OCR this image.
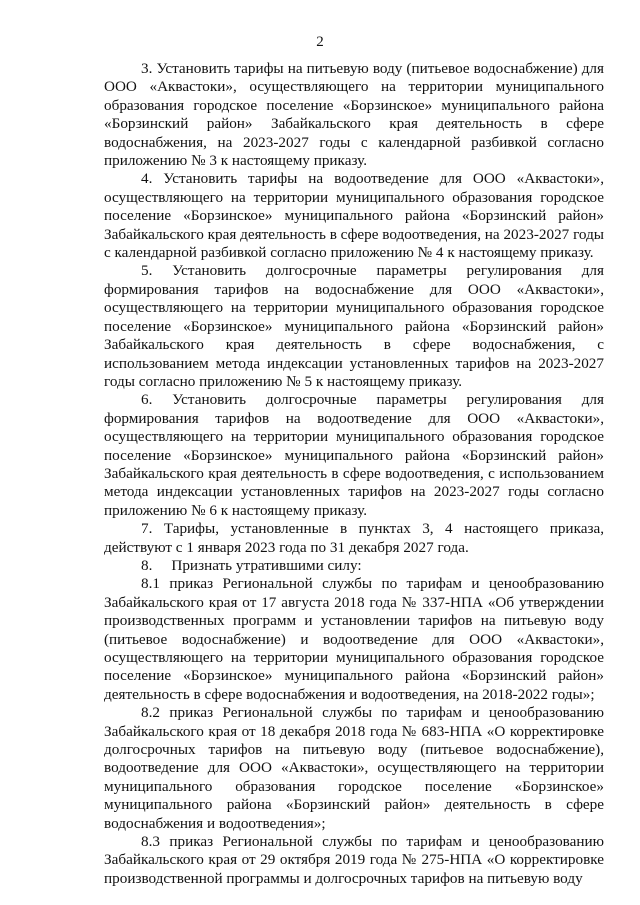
2

3. Установить тарифы на питьевую воду (питьевое водоснабжение) для ООО «Аквастоки», осуществляющего на территории муниципального образования городское поселение «Борзинское» муниципального района «Борзинский район» Забайкальского края деятельность в сфере водоснабжения, на 2023-2027 годы с календарной разбивкой согласно приложению № 3 к настоящему приказу.

4. Установить тарифы на водоотведение для ООО «Аквастоки», осуществляющего на территории муниципального образования городское поселение «Борзинское» муниципального района «Борзинский район» Забайкальского края деятельность в сфере водоотведения, на 2023-2027 годы с календарной разбивкой согласно приложению № 4 к настоящему приказу.

5. Установить долгосрочные параметры регулирования для формирования тарифов на водоснабжение для ООО «Аквастоки», осуществляющего на территории муниципального образования городское поселение «Борзинское» муниципального района «Борзинский район» Забайкальского края деятельность в сфере водоснабжения, с использованием метода индексации установленных тарифов на 2023-2027 годы согласно приложению № 5 к настоящему приказу.

6. Установить долгосрочные параметры регулирования для формирования тарифов на водоотведение для ООО «Аквастоки», осуществляющего на территории муниципального образования городское поселение «Борзинское» муниципального района «Борзинский район» Забайкальского края деятельность в сфере водоотведения, с использованием метода индексации установленных тарифов на 2023-2027 годы согласно приложению № 6 к настоящему приказу.

7. Тарифы, установленные в пунктах 3, 4 настоящего приказа, действуют с 1 января 2023 года по 31 декабря 2027 года.

8.     Признать утратившими силу:

8.1 приказ Региональной службы по тарифам и ценообразованию Забайкальского края от 17 августа 2018 года № 337-НПА «Об утверждении производственных программ и установлении тарифов на питьевую воду (питьевое водоснабжение) и водоотведение для ООО «Аквастоки», осуществляющего на территории муниципального образования городское поселение «Борзинское» муниципального района «Борзинский район» деятельность в сфере водоснабжения и водоотведения, на 2018-2022 годы»;

8.2 приказ Региональной службы по тарифам и ценообразованию Забайкальского края от 18 декабря 2018 года № 683-НПА «О корректировке долгосрочных тарифов на питьевую воду (питьевое водоснабжение), водоотведение для ООО «Аквастоки», осуществляющего на территории муниципального образования городское поселение «Борзинское» муниципального района «Борзинский район» деятельность в сфере водоснабжения и водоотведения»;

8.3 приказ Региональной службы по тарифам и ценообразованию Забайкальского края от 29 октября 2019 года № 275-НПА «О корректировке производственной программы и долгосрочных тарифов на питьевую воду
